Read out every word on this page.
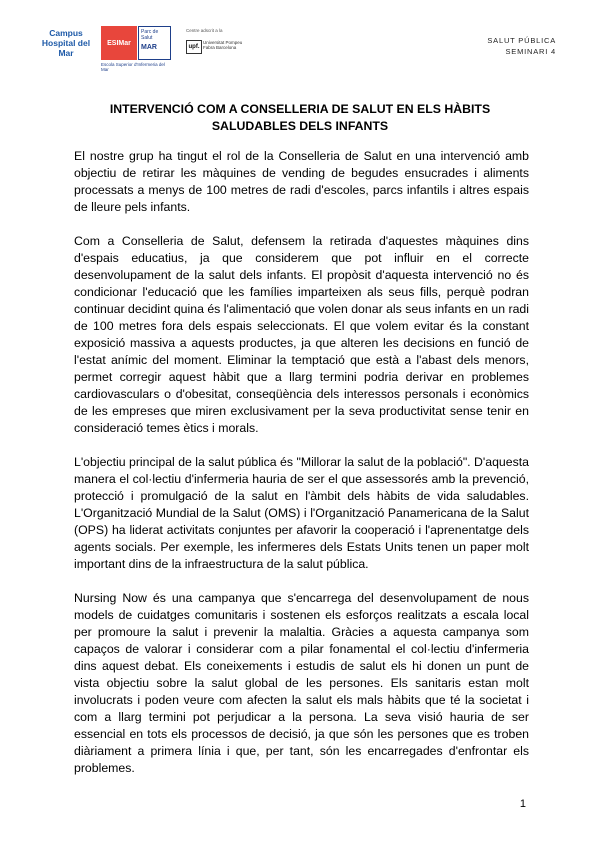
Campus Hospital del Mar
ESIMar
Parc de Salut
MAR
Escola Superior d'Infermeria del Mar
Centre adscrit a la
upf.
Universitat Pompeu Fabra Barcelona
SALUT PÚBLICA
SEMINARI 4
INTERVENCIÓ COM A CONSELLERIA DE SALUT EN ELS HÀBITS SALUDABLES DELS INFANTS

El nostre grup ha tingut el rol de la Conselleria de Salut en una intervenció amb objectiu de retirar les màquines de vending de begudes ensucrades i aliments processats a menys de 100 metres de radi d'escoles, parcs infantils i altres espais de lleure pels infants.

Com a Conselleria de Salut, defensem la retirada d'aquestes màquines dins d'espais educatius, ja que considerem que pot influir en el correcte desenvolupament de la salut dels infants. El propòsit d'aquesta intervenció no és condicionar l'educació que les famílies imparteixen als seus fills, perquè podran continuar decidint quina és l'alimentació que volen donar als seus infants en un radi de 100 metres fora dels espais seleccionats. El que volem evitar és la constant exposició massiva a aquests productes, ja que alteren les decisions en funció de l'estat anímic del moment. Eliminar la temptació que està a l'abast dels menors, permet corregir aquest hàbit que a llarg termini podria derivar en problemes cardiovasculars o d'obesitat, conseqüència dels interessos personals i econòmics de les empreses que miren exclusivament per la seva productivitat sense tenir en consideració temes ètics i morals.

L'objectiu principal de la salut pública és "Millorar la salut de la població". D'aquesta manera el col·lectiu d'infermeria hauria de ser el que assessorés amb la prevenció, protecció i promulgació de la salut en l'àmbit dels hàbits de vida saludables. L'Organització Mundial de la Salut (OMS) i l'Organització Panamericana de la Salut (OPS) ha liderat activitats conjuntes per afavorir la cooperació i l'aprenentatge dels agents socials. Per exemple, les infermeres dels Estats Units tenen un paper molt important dins de la infraestructura de la salut pública.

Nursing Now és una campanya que s'encarrega del desenvolupament de nous models de cuidatges comunitaris i sostenen els esforços realitzats a escala local per promoure la salut i prevenir la malaltia. Gràcies a aquesta campanya som capaços de valorar i considerar com a pilar fonamental el col·lectiu d'infermeria dins aquest debat. Els coneixements i estudis de salut els hi donen un punt de vista objectiu sobre la salut global de les persones. Els sanitaris estan molt involucrats i poden veure com afecten la salut els mals hàbits que té la societat i com a llarg termini pot perjudicar a la persona. La seva visió hauria de ser essencial en tots els processos de decisió, ja que són les persones que es troben diàriament a primera línia i que, per tant, són les encarregades d'enfrontar els problemes.

1
